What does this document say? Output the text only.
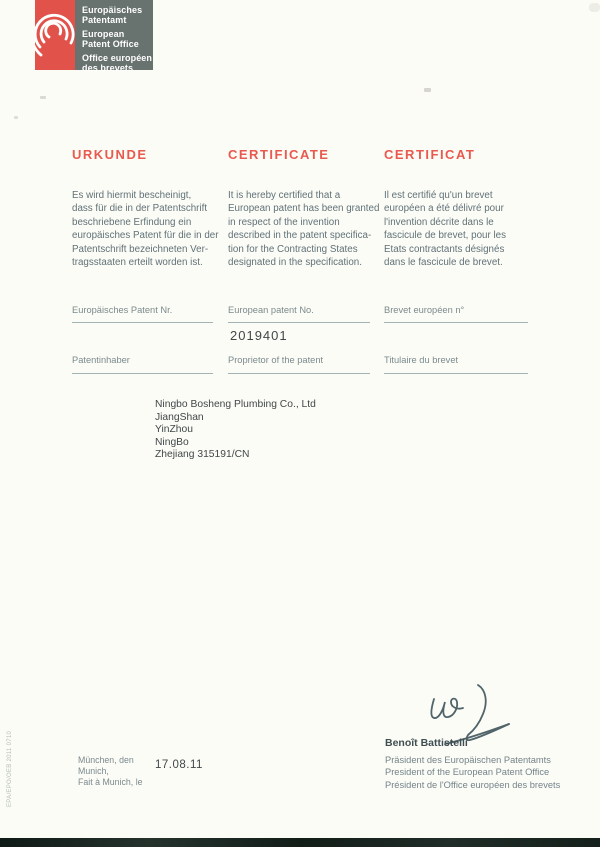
Europäisches
Patentamt
European
Patent Office
Office européen
des brevets
URKUNDE	CERTIFICATE	CERTIFICAT
Es wird hiermit bescheinigt,
dass für die in der Patentschrift
beschriebene Erfindung ein
europäisches Patent für die in der
Patentschrift bezeichneten Ver-
tragsstaaten erteilt worden ist.
It is hereby certified that a
European patent has been granted
in respect of the invention
described in the patent specifica-
tion for the Contracting States
designated in the specification.
Il est certifié qu'un brevet
européen a été délivré pour
l'invention décrite dans le
fascicule de brevet, pour les
Etats contractants désignés
dans le fascicule de brevet.
Europäisches Patent Nr.	European patent No.	Brevet européen n°
2019401
Patentinhaber	Proprietor of the patent	Titulaire du brevet
Ningbo Bosheng Plumbing Co., Ltd
JiangShan
YinZhou
NingBo
Zhejiang 315191/CN
Benoît Battistelli
Präsident des Europäischen Patentamts
President of the European Patent Office
Président de l'Office européen des brevets
München, den
Munich,
Fait à Munich, le
17.08.11
EPA/EPO/OEB 2011 0710
